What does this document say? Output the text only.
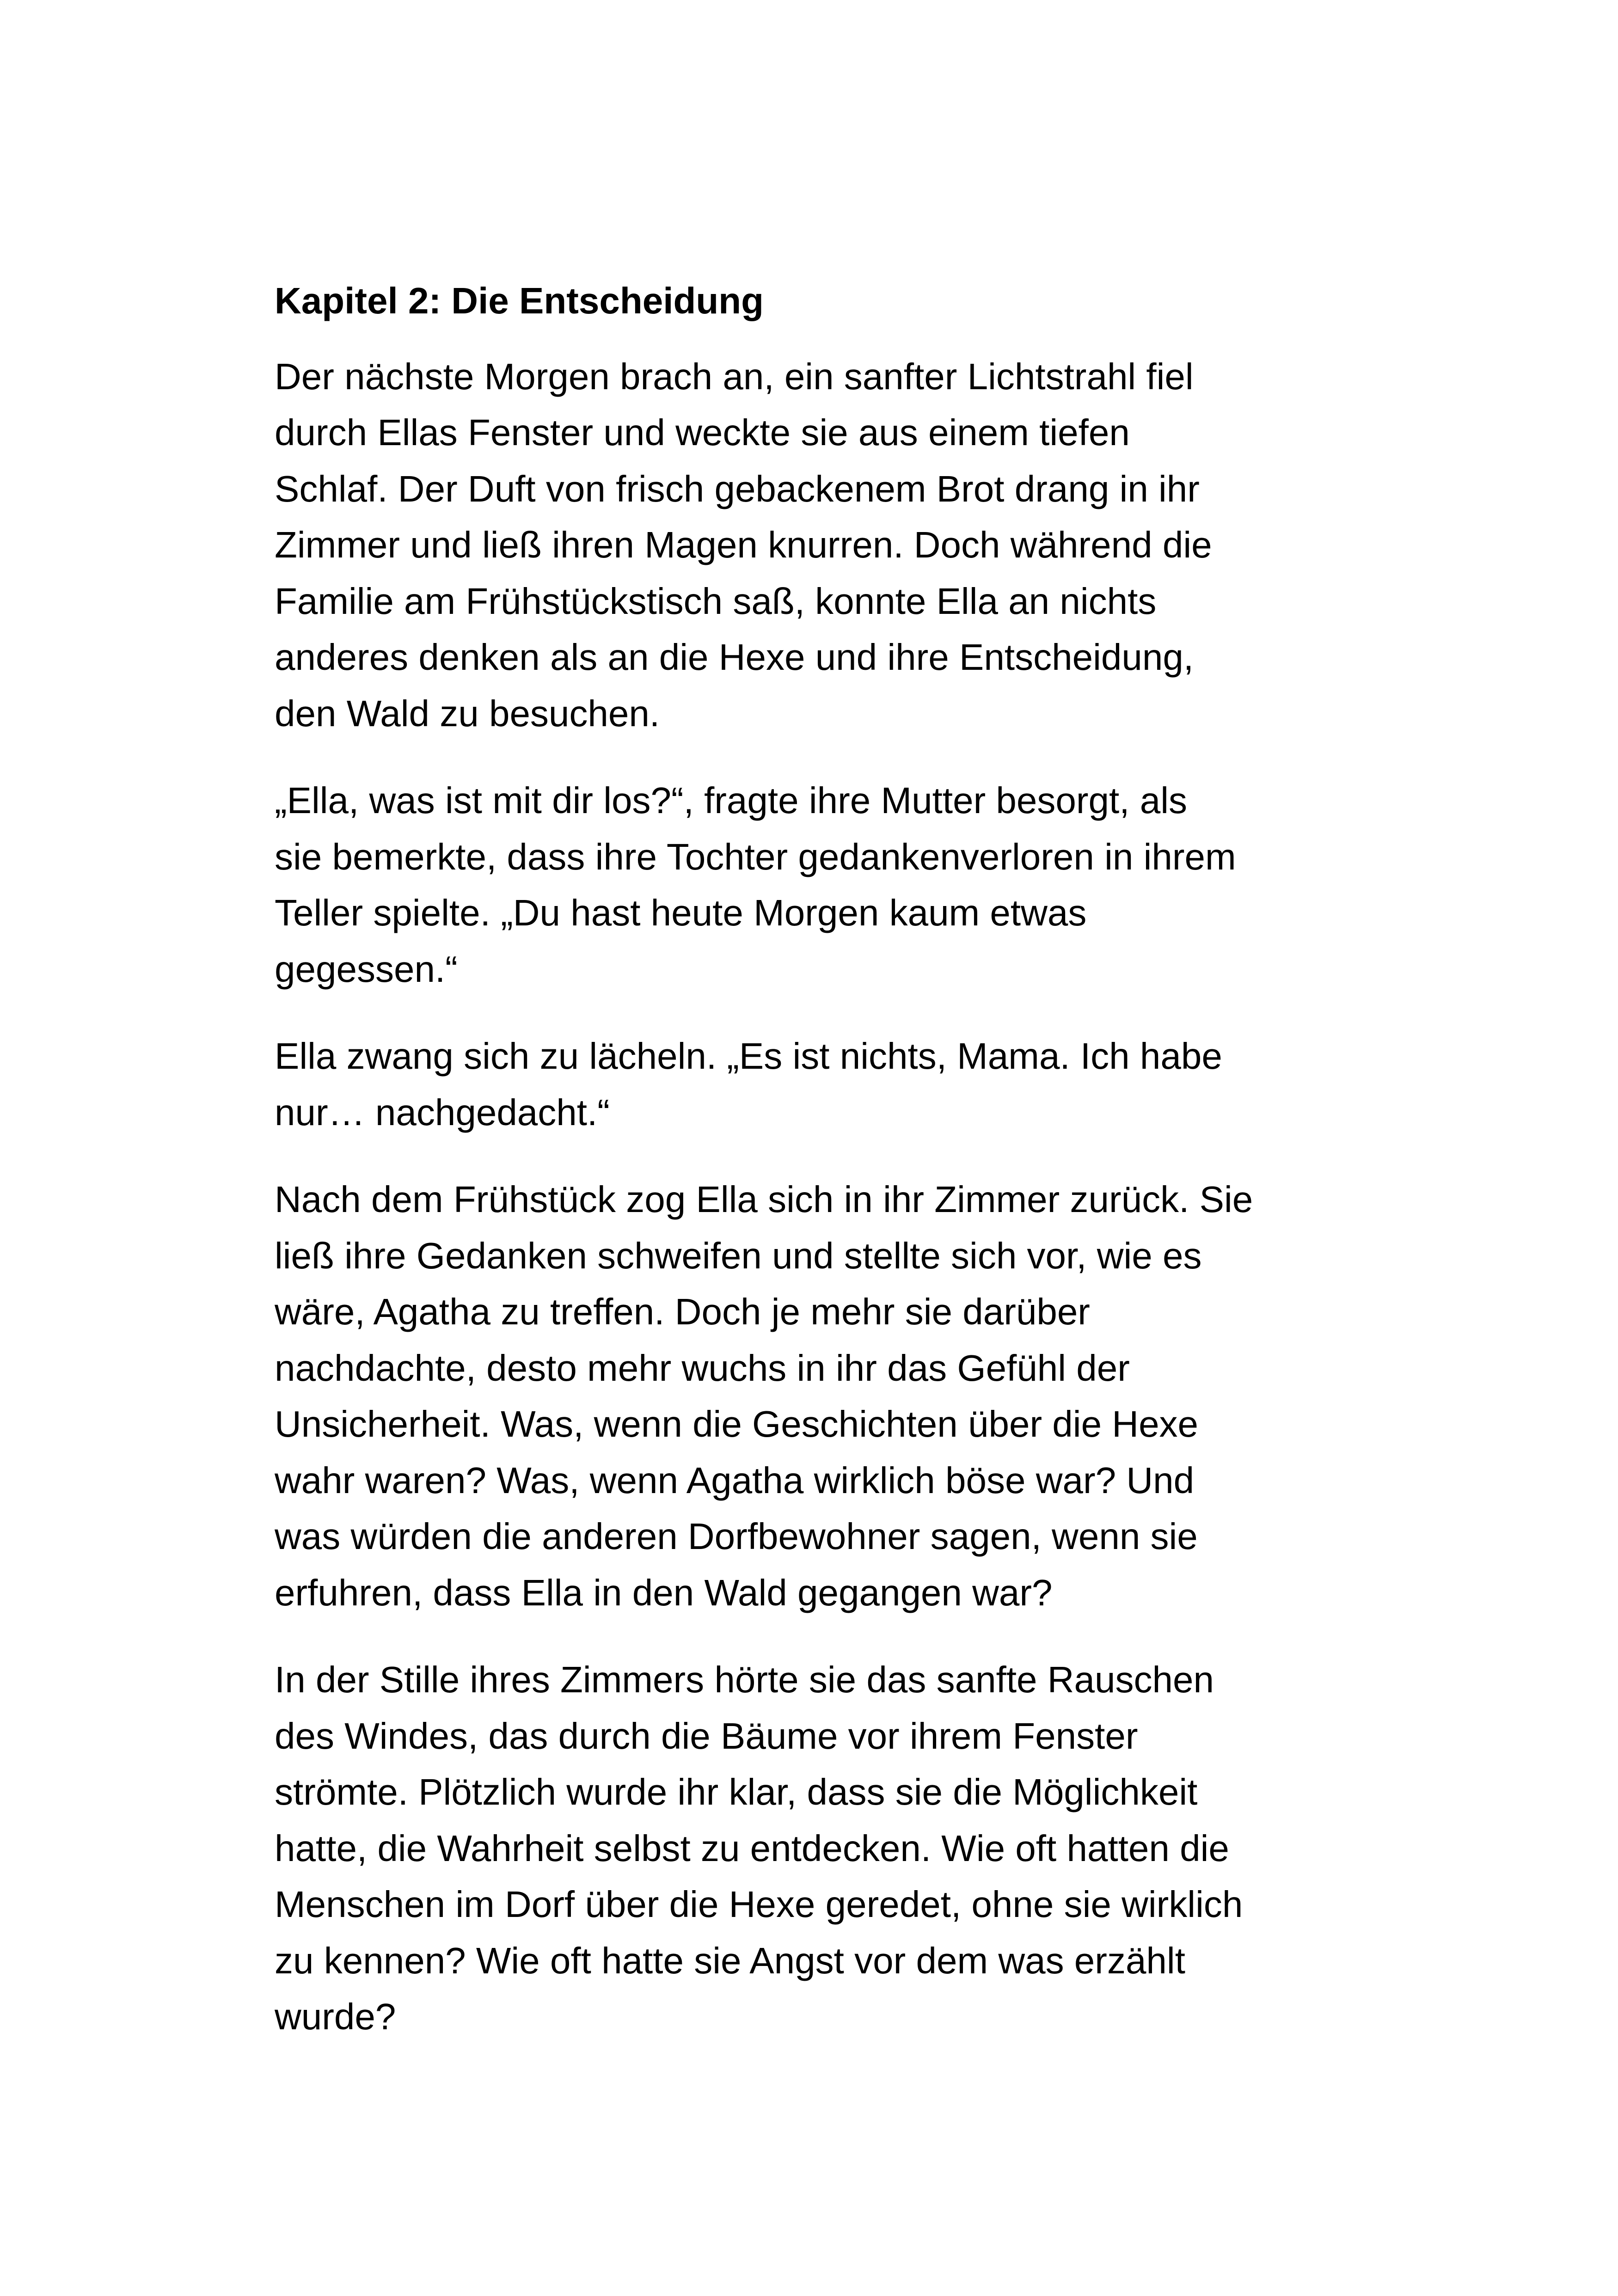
Kapitel 2: Die Entscheidung
Der nächste Morgen brach an, ein sanfter Lichtstrahl fiel
durch Ellas Fenster und weckte sie aus einem tiefen
Schlaf. Der Duft von frisch gebackenem Brot drang in ihr
Zimmer und ließ ihren Magen knurren. Doch während die
Familie am Frühstückstisch saß, konnte Ella an nichts
anderes denken als an die Hexe und ihre Entscheidung,
den Wald zu besuchen.
„Ella, was ist mit dir los?“, fragte ihre Mutter besorgt, als
sie bemerkte, dass ihre Tochter gedankenverloren in ihrem
Teller spielte. „Du hast heute Morgen kaum etwas
gegessen.“
Ella zwang sich zu lächeln. „Es ist nichts, Mama. Ich habe
nur… nachgedacht.“
Nach dem Frühstück zog Ella sich in ihr Zimmer zurück. Sie
ließ ihre Gedanken schweifen und stellte sich vor, wie es
wäre, Agatha zu treffen. Doch je mehr sie darüber
nachdachte, desto mehr wuchs in ihr das Gefühl der
Unsicherheit. Was, wenn die Geschichten über die Hexe
wahr waren? Was, wenn Agatha wirklich böse war? Und
was würden die anderen Dorfbewohner sagen, wenn sie
erfuhren, dass Ella in den Wald gegangen war?
In der Stille ihres Zimmers hörte sie das sanfte Rauschen
des Windes, das durch die Bäume vor ihrem Fenster
strömte. Plötzlich wurde ihr klar, dass sie die Möglichkeit
hatte, die Wahrheit selbst zu entdecken. Wie oft hatten die
Menschen im Dorf über die Hexe geredet, ohne sie wirklich
zu kennen? Wie oft hatte sie Angst vor dem was erzählt
wurde?
